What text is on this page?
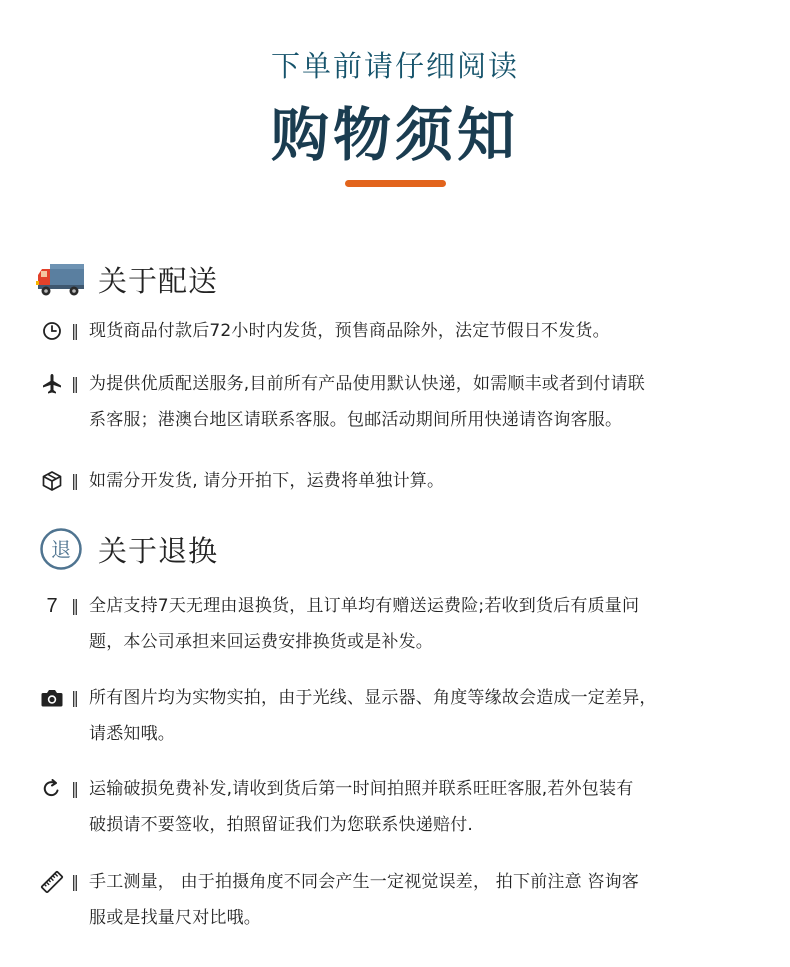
下单前请仔细阅读
购物须知
关于配送
‖ 现货商品付款后72小时内发货，预售商品除外，法定节假日不发货。
‖ 为提供优质配送服务,目前所有产品使用默认快递，如需顺丰或者到付请联
系客服；港澳台地区请联系客服。包邮活动期间所用快递请咨询客服。
‖ 如需分开发货, 请分开拍下，运费将单独计算。
退 关于退换
7 ‖ 全店支持7天无理由退换货，且订单均有赠送运费险;若收到货后有质量问
题，本公司承担来回运费安排换货或是补发。
‖ 所有图片均为实物实拍，由于光线、显示器、角度等缘故会造成一定差异，
请悉知哦。
‖ 运输破损免费补发,请收到货后第一时间拍照并联系旺旺客服,若外包装有
破损请不要签收，拍照留证我们为您联系快递赔付.
‖ 手工测量， 由于拍摄角度不同会产生一定视觉误差， 拍下前注意 咨询客
服或是找量尺对比哦。
